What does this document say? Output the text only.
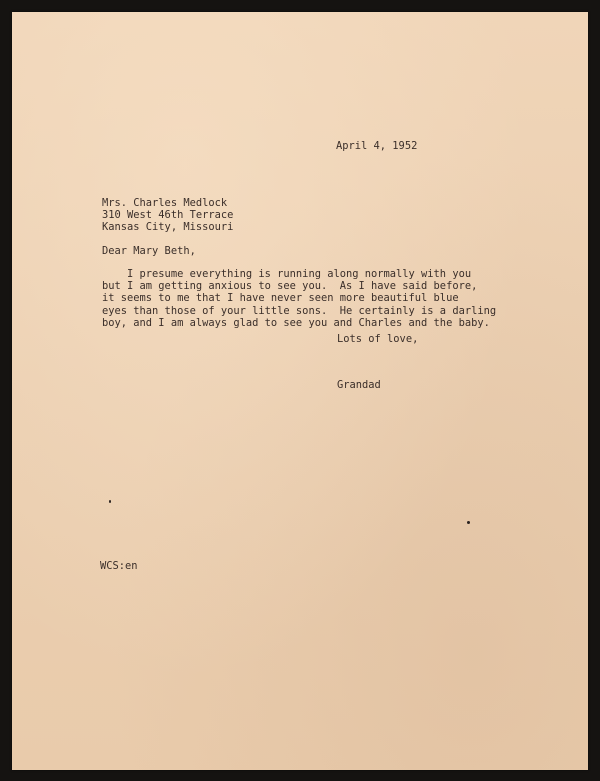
April 4, 1952
Mrs. Charles Medlock
310 West 46th Terrace
Kansas City, Missouri
Dear Mary Beth,
I presume everything is running along normally with you
but I am getting anxious to see you.  As I have said before,
it seems to me that I have never seen more beautiful blue
eyes than those of your little sons.  He certainly is a darling
boy, and I am always glad to see you and Charles and the baby.
Lots of love,
Grandad
WCS:en
